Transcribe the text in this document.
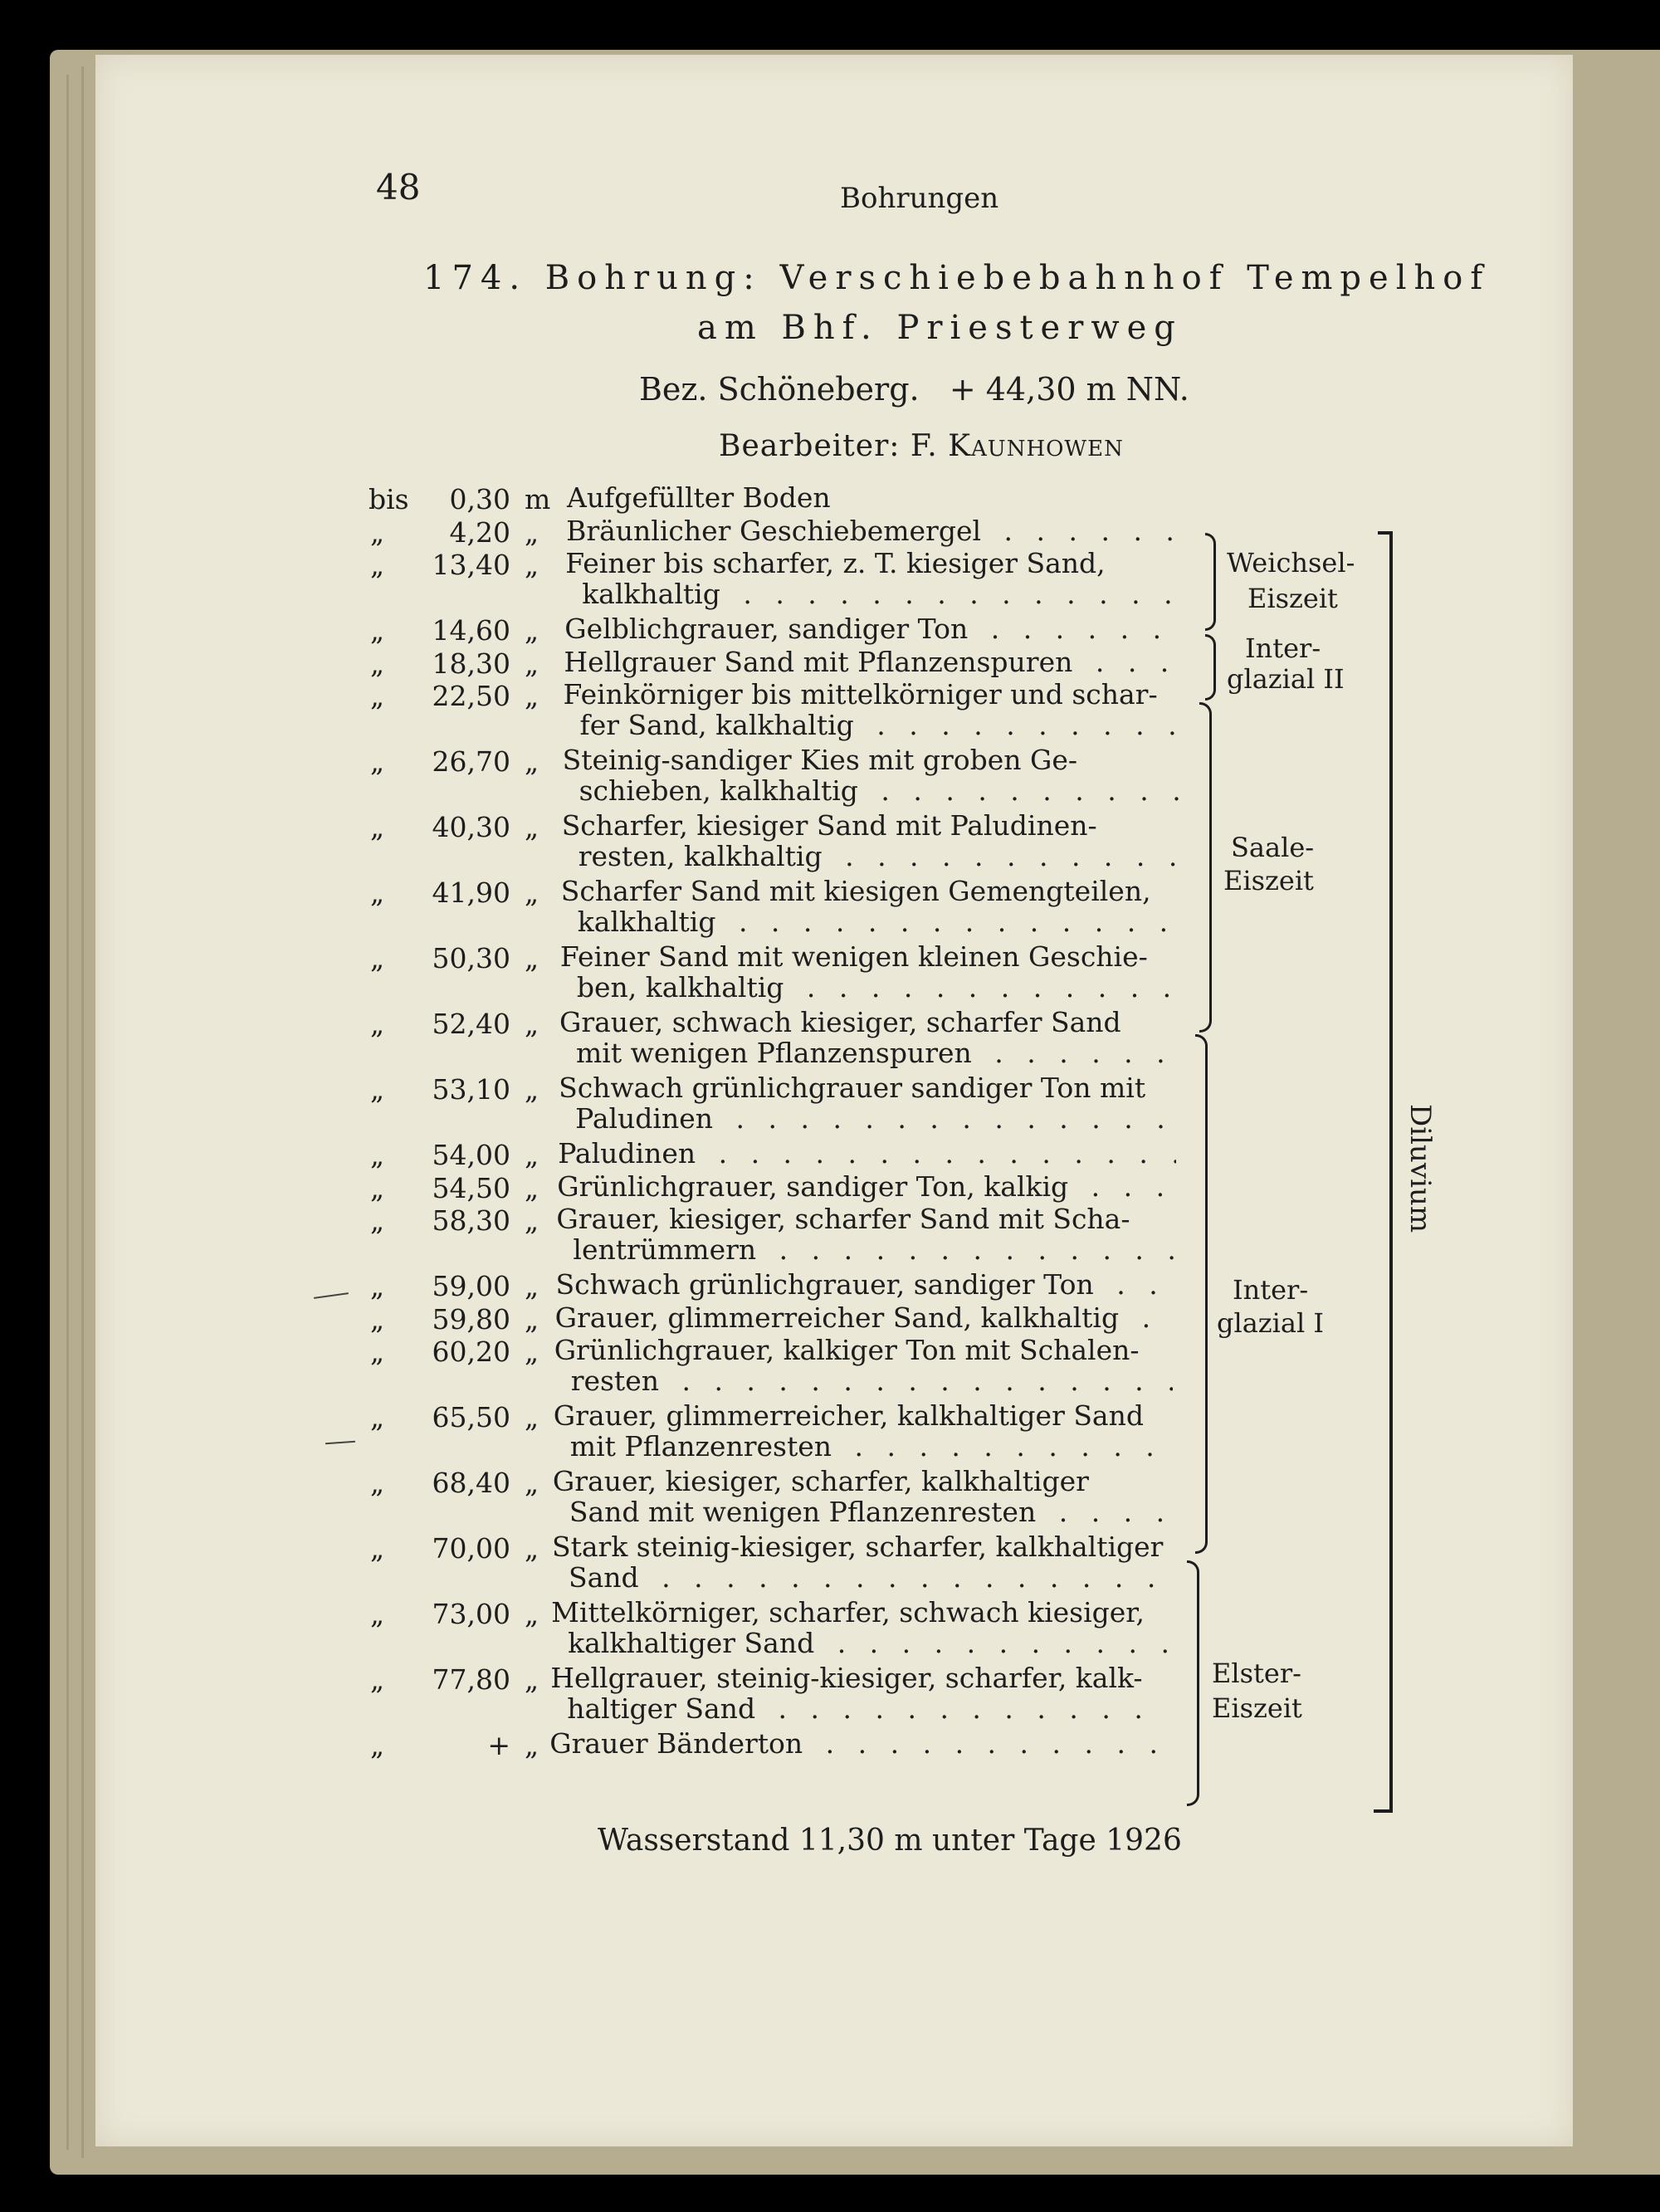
48	Bohrungen
174. Bohrung: Verschiebebahnhof Tempelhof
am Bhf. Priesterweg
Bez. Schöneberg.   + 44,30 m NN.
Bearbeiter: F. KAUNHOWEN
bis	0,30 m Aufgefüllter Boden
„	4,20 „ Bräunlicher Geschiebemergel
. . .
„	13,40 „ Feiner bis scharfer, z. T. kiesiger Sand,
kalkhaltig
. . .
„	14,60 „ Gelblichgrauer, sandiger Ton
. . .
„	18,30 „ Hellgrauer Sand mit Pflanzenspuren
. . .
„	22,50 „ Feinkörniger bis mittelkörniger und schar-
fer Sand, kalkhaltig
. . .
„	26,70 „ Steinig-sandiger Kies mit groben Ge-
schieben, kalkhaltig
. . .
„	40,30 „ Scharfer, kiesiger Sand mit Paludinen-
resten, kalkhaltig
. . .
„	41,90 „ Scharfer Sand mit kiesigen Gemengteilen,
kalkhaltig
. . .
„	50,30 „ Feiner Sand mit wenigen kleinen Geschie-
ben, kalkhaltig
. . .
„	52,40 „ Grauer, schwach kiesiger, scharfer Sand
mit wenigen Pflanzenspuren
. . .
„	53,10 „ Schwach grünlichgrauer sandiger Ton mit
Paludinen
. . .
„	54,00 „ Paludinen
. . .
„	54,50 „ Grünlichgrauer, sandiger Ton, kalkig
. . .
„	58,30 „ Grauer, kiesiger, scharfer Sand mit Scha-
lentrümmern
. . .
„	59,00 „ Schwach grünlichgrauer, sandiger Ton
. . .
„	59,80 „ Grauer, glimmerreicher Sand, kalkhaltig
. . .
„	60,20 „ Grünlichgrauer, kalkiger Ton mit Schalen-
resten
. . .
„	65,50 „ Grauer, glimmerreicher, kalkhaltiger Sand
mit Pflanzenresten
. . .
„	68,40 „ Grauer, kiesiger, scharfer, kalkhaltiger
Sand mit wenigen Pflanzenresten
. . .
„	70,00 „ Stark steinig-kiesiger, scharfer, kalkhaltiger
Sand
. . .
„	73,00 „ Mittelkörniger, scharfer, schwach kiesiger,
kalkhaltiger Sand
. . .
„	77,80 „ Hellgrauer, steinig-kiesiger, scharfer, kalk-
haltiger Sand
. . .
„	+ „ Grauer Bänderton
. . .
Weichsel-
Eiszeit
Inter-
glazial II
Saale-
Eiszeit
Inter-
glazial I
Elster-
Eiszeit
Diluvium
Wasserstand 11,30 m unter Tage 1926
